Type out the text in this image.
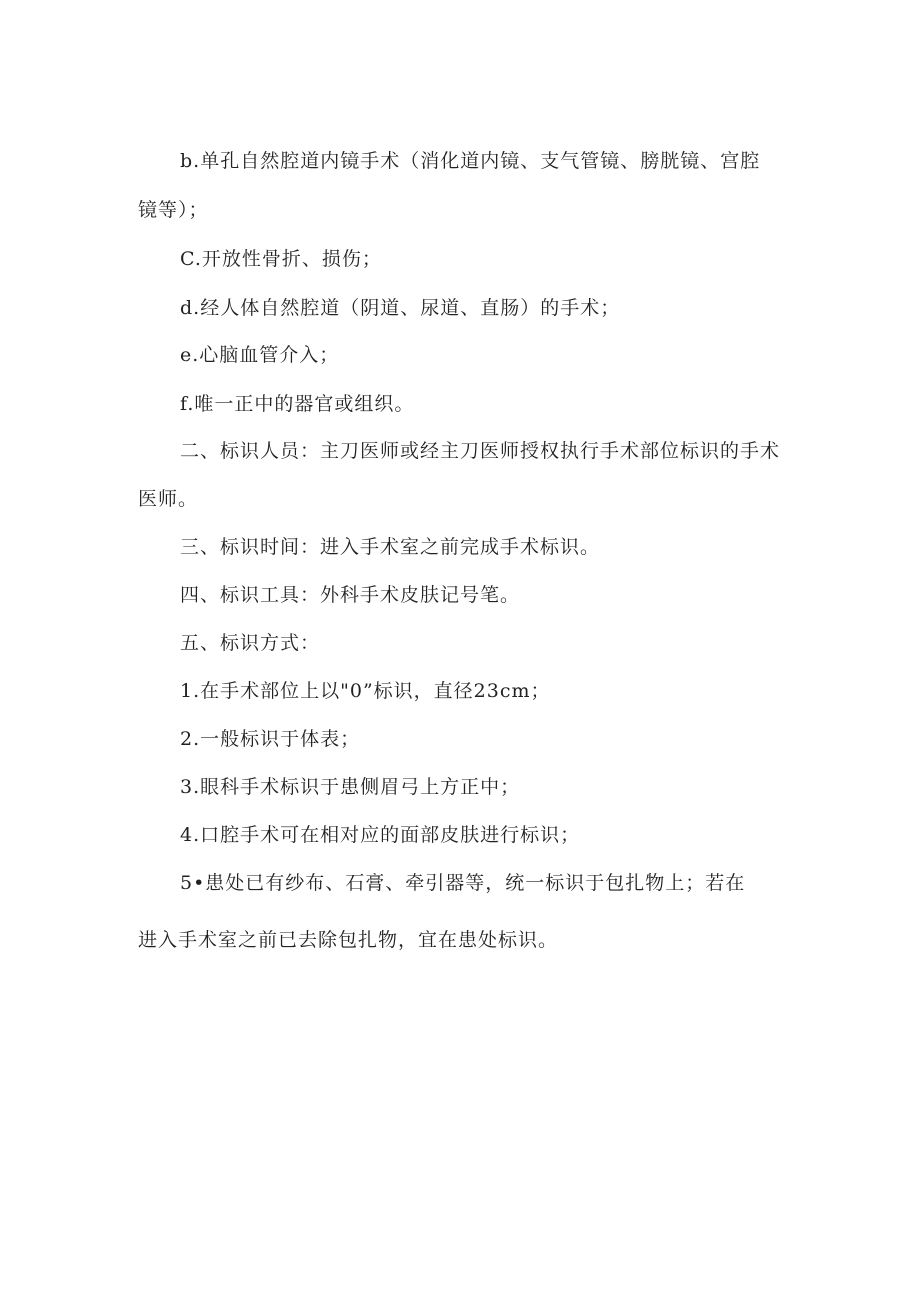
b.单孔自然腔道内镜手术（消化道内镜、支气管镜、膀胱镜、宫腔
镜等）；
C.开放性骨折、损伤；
d.经人体自然腔道（阴道、尿道、直肠）的手术；
e.心脑血管介入；
f.唯一正中的器官或组织。
二、标识人员：主刀医师或经主刀医师授权执行手术部位标识的手术
医师。
三、标识时间：进入手术室之前完成手术标识。
四、标识工具：外科手术皮肤记号笔。
五、标识方式：
1.在手术部位上以"0”标识，直径23cm；
2.一般标识于体表；
3.眼科手术标识于患侧眉弓上方正中；
4.口腔手术可在相对应的面部皮肤进行标识；
5•患处已有纱布、石膏、牵引器等，统一标识于包扎物上；若在
进入手术室之前已去除包扎物，宜在患处标识。
